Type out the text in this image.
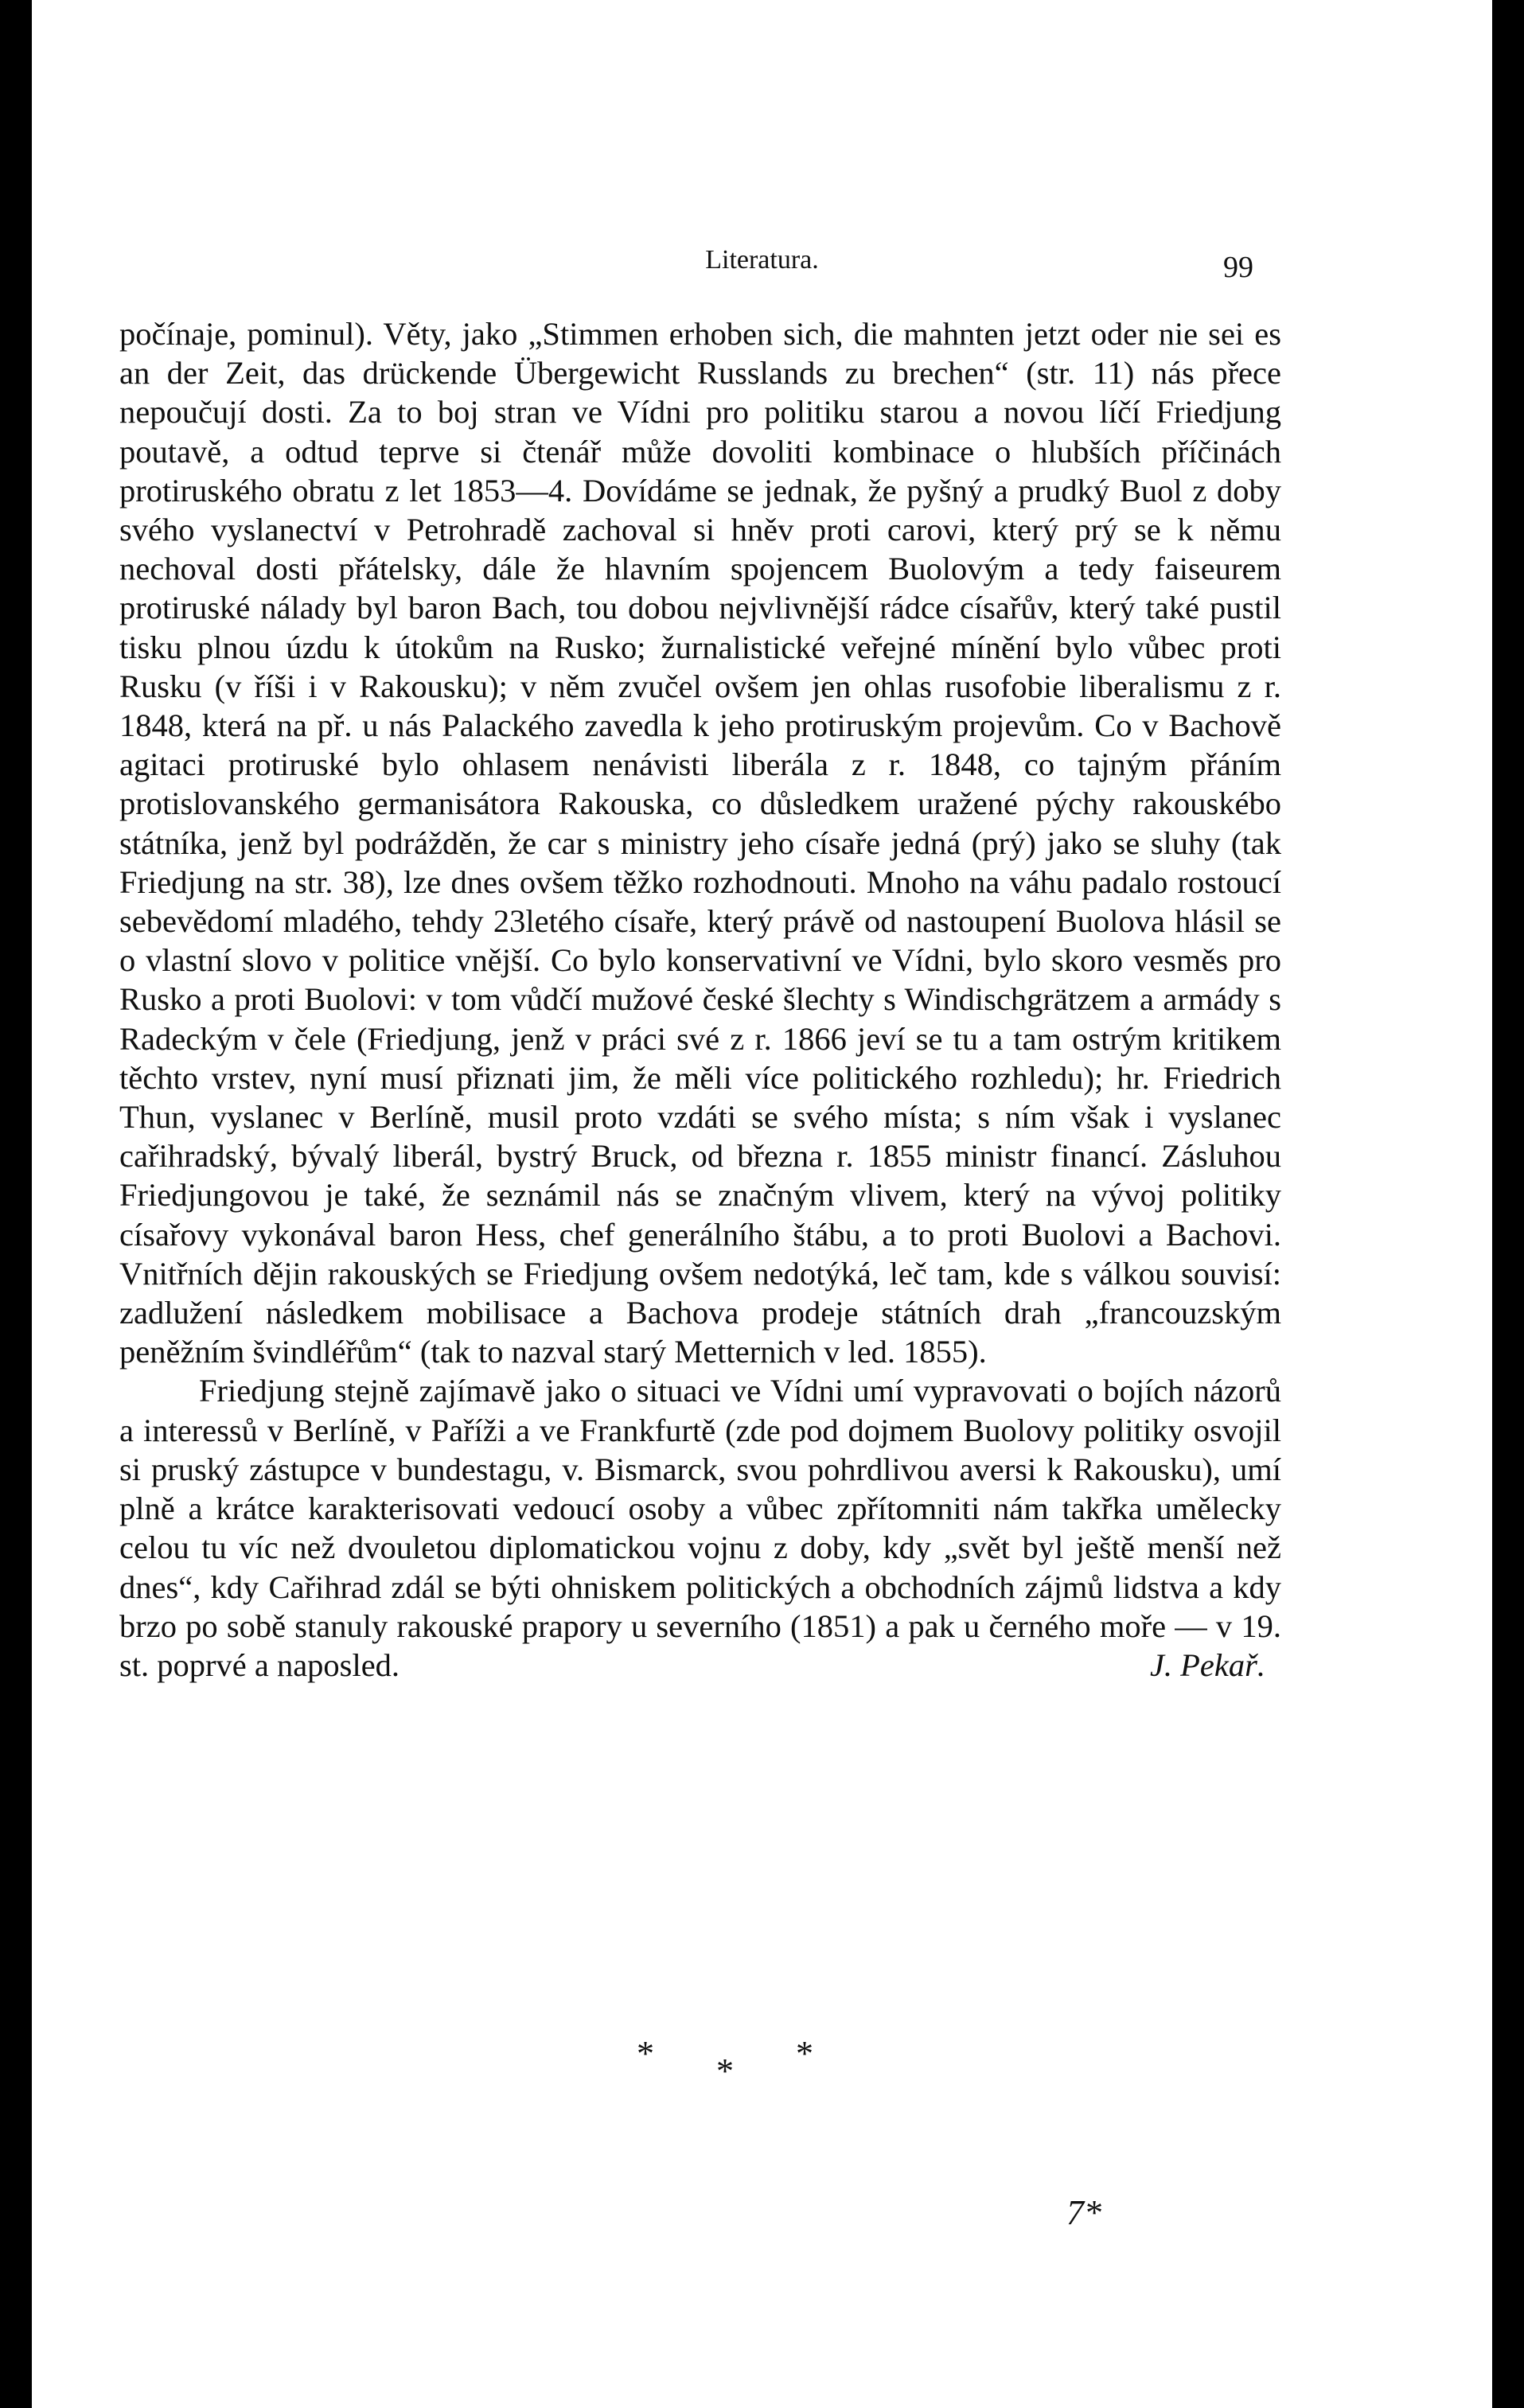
Literatura.	99

počínaje, pominul). Věty, jako „Stimmen erhoben sich, die mahnten jetzt oder nie sei es an der Zeit, das drückende Übergewicht Russlands zu brechen“ (str. 11) nás přece nepoučují dosti. Za to boj stran ve Vídni pro politiku starou a novou líčí Friedjung poutavě, a odtud teprve si čtenář může dovoliti kombinace o hlubších příčinách protiruského obratu z let 1853—4. Dovídáme se jednak, že pyšný a prudký Buol z doby svého vyslanectví v Petrohradě zachoval si hněv proti carovi, který prý se k němu nechoval dosti přátelsky, dále že hlavním spojencem Buolovým a tedy faiseurem protiruské nálady byl baron Bach, tou dobou nejvlivnější rádce císařův, který také pustil tisku plnou úzdu k útokům na Rusko; žurnalistické veřejné mínění bylo vůbec proti Rusku (v říši i v Rakousku); v něm zvučel ovšem jen ohlas rusofobie liberalismu z r. 1848, která na př. u nás Palackého zavedla k jeho protiruským projevům. Co v Bachově agitaci protiruské bylo ohlasem nenávisti liberála z r. 1848, co tajným přáním protislovanského germanisátora Rakouska, co důsledkem uražené pýchy rakouskébo státníka, jenž byl podrážděn, že car s ministry jeho císaře jedná (prý) jako se sluhy (tak Friedjung na str. 38), lze dnes ovšem těžko rozhodnouti. Mnoho na váhu padalo rostoucí sebevědomí mladého, tehdy 23letého císaře, který právě od nastoupení Buolova hlásil se o vlastní slovo v politice vnější. Co bylo konservativní ve Vídni, bylo skoro vesměs pro Rusko a proti Buolovi: v tom vůdčí mužové české šlechty s Windischgrätzem a armády s Radeckým v čele (Friedjung, jenž v práci své z r. 1866 jeví se tu a tam ostrým kritikem těchto vrstev, nyní musí přiznati jim, že měli více politického rozhledu); hr. Friedrich Thun, vyslanec v Berlíně, musil proto vzdáti se svého místa; s ním však i vyslanec cařihradský, bývalý liberál, bystrý Bruck, od března r. 1855 ministr financí. Zásluhou Friedjungovou je také, že seznámil nás se značným vlivem, který na vývoj politiky císařovy vykonával baron Hess, chef generálního štábu, a to proti Buolovi a Bachovi. Vnitřních dějin rakouských se Friedjung ovšem nedotýká, leč tam, kde s válkou souvisí: zadlužení následkem mobilisace a Bachova prodeje státních drah „francouzským peněžním švindléřům“ (tak to nazval starý Metternich v led. 1855).

Friedjung stejně zajímavě jako o situaci ve Vídni umí vypravovati o bojích názorů a interessů v Berlíně, v Paříži a ve Frankfurtě (zde pod dojmem Buolovy politiky osvojil si pruský zástupce v bundestagu, v. Bismarck, svou pohrdlivou aversi k Rakousku), umí plně a krátce karakterisovati vedoucí osoby a vůbec zpřítomniti nám takřka umělecky celou tu víc než dvouletou diplomatickou vojnu z doby, kdy „svět byl ještě menší než dnes“, kdy Cařihrad zdál se býti ohniskem politických a obchodních zájmů lidstva a kdy brzo po sobě stanuly rakouské prapory u severního (1851) a pak u černého moře — v 19. st. poprvé a naposled.	J. Pekař.
* * *
7*
